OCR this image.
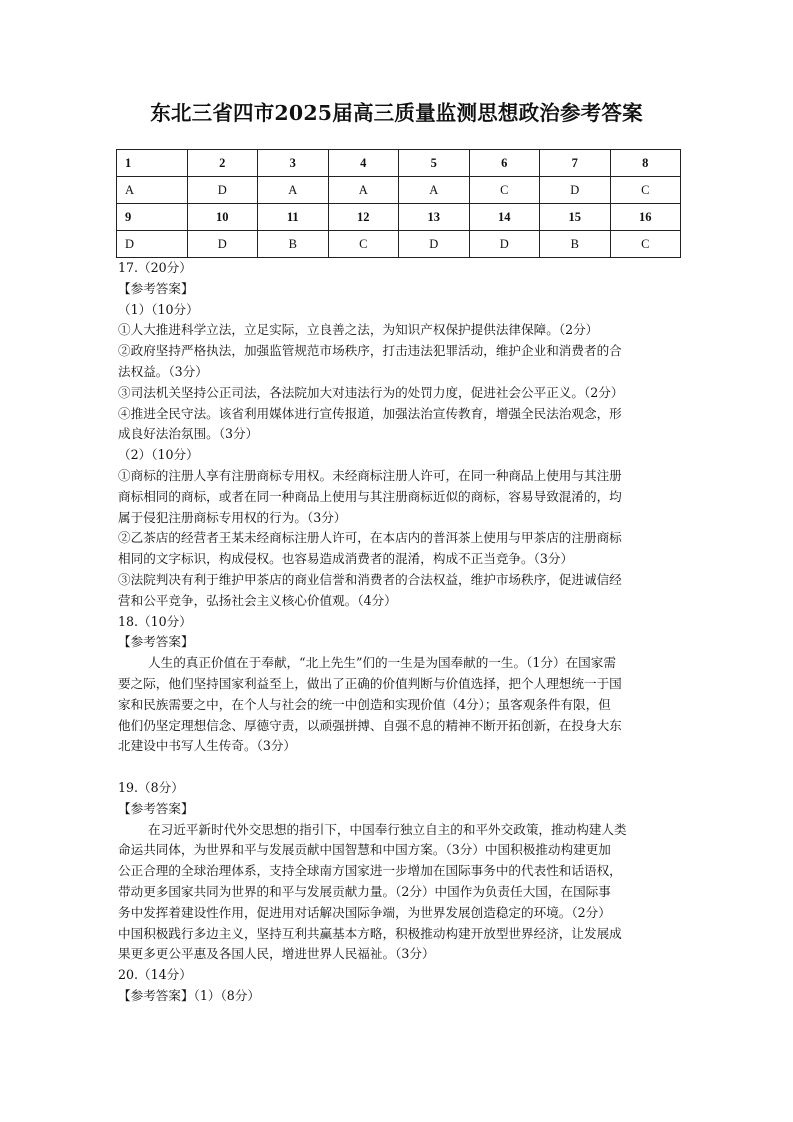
东北三省四市2025届高三质量监测思想政治参考答案
1	2	3	4	5	6	7	8
A	D	A	A	A	C	D	C
9	10	11	12	13	14	15	16
D	D	B	C	D	D	B	C

17.（20分）

【参考答案】

（1）（10分）

①人大推进科学立法，立足实际，立良善之法，为知识产权保护提供法律保障。（2分）

②政府坚持严格执法，加强监管规范市场秩序，打击违法犯罪活动，维护企业和消费者的合

法权益。（3分）

③司法机关坚持公正司法，各法院加大对违法行为的处罚力度，促进社会公平正义。（2分）

④推进全民守法。该省利用媒体进行宣传报道，加强法治宣传教育，增强全民法治观念，形

成良好法治氛围。（3分）

（2）（10分）

①商标的注册人享有注册商标专用权。未经商标注册人许可，在同一种商品上使用与其注册

商标相同的商标，或者在同一种商品上使用与其注册商标近似的商标，容易导致混淆的，均

属于侵犯注册商标专用权的行为。（3分）

②乙茶店的经营者王某未经商标注册人许可，在本店内的普洱茶上使用与甲茶店的注册商标

相同的文字标识，构成侵权。也容易造成消费者的混淆，构成不正当竞争。（3分）

③法院判决有利于维护甲茶店的商业信誉和消费者的合法权益，维护市场秩序，促进诚信经

营和公平竞争，弘扬社会主义核心价值观。（4分）

18.（10分）

【参考答案】

人生的真正价值在于奉献，“北上先生”们的一生是为国奉献的一生。（1分）在国家需

要之际，他们坚持国家利益至上，做出了正确的价值判断与价值选择，把个人理想统一于国

家和民族需要之中，在个人与社会的统一中创造和实现价值（4分）；虽客观条件有限，但

他们仍坚定理想信念、厚德守责，以顽强拼搏、自强不息的精神不断开拓创新，在投身大东

北建设中书写人生传奇。（3分）

19.（8分）

【参考答案】

在习近平新时代外交思想的指引下，中国奉行独立自主的和平外交政策，推动构建人类

命运共同体，为世界和平与发展贡献中国智慧和中国方案。（3分）中国积极推动构建更加

公正合理的全球治理体系，支持全球南方国家进一步增加在国际事务中的代表性和话语权，

带动更多国家共同为世界的和平与发展贡献力量。（2分）中国作为负责任大国，在国际事

务中发挥着建设性作用，促进用对话解决国际争端，为世界发展创造稳定的环境。（2分）

中国积极践行多边主义，坚持互利共赢基本方略，积极推动构建开放型世界经济，让发展成

果更多更公平惠及各国人民，增进世界人民福祉。（3分）

20.（14分）

【参考答案】（1）（8分）
